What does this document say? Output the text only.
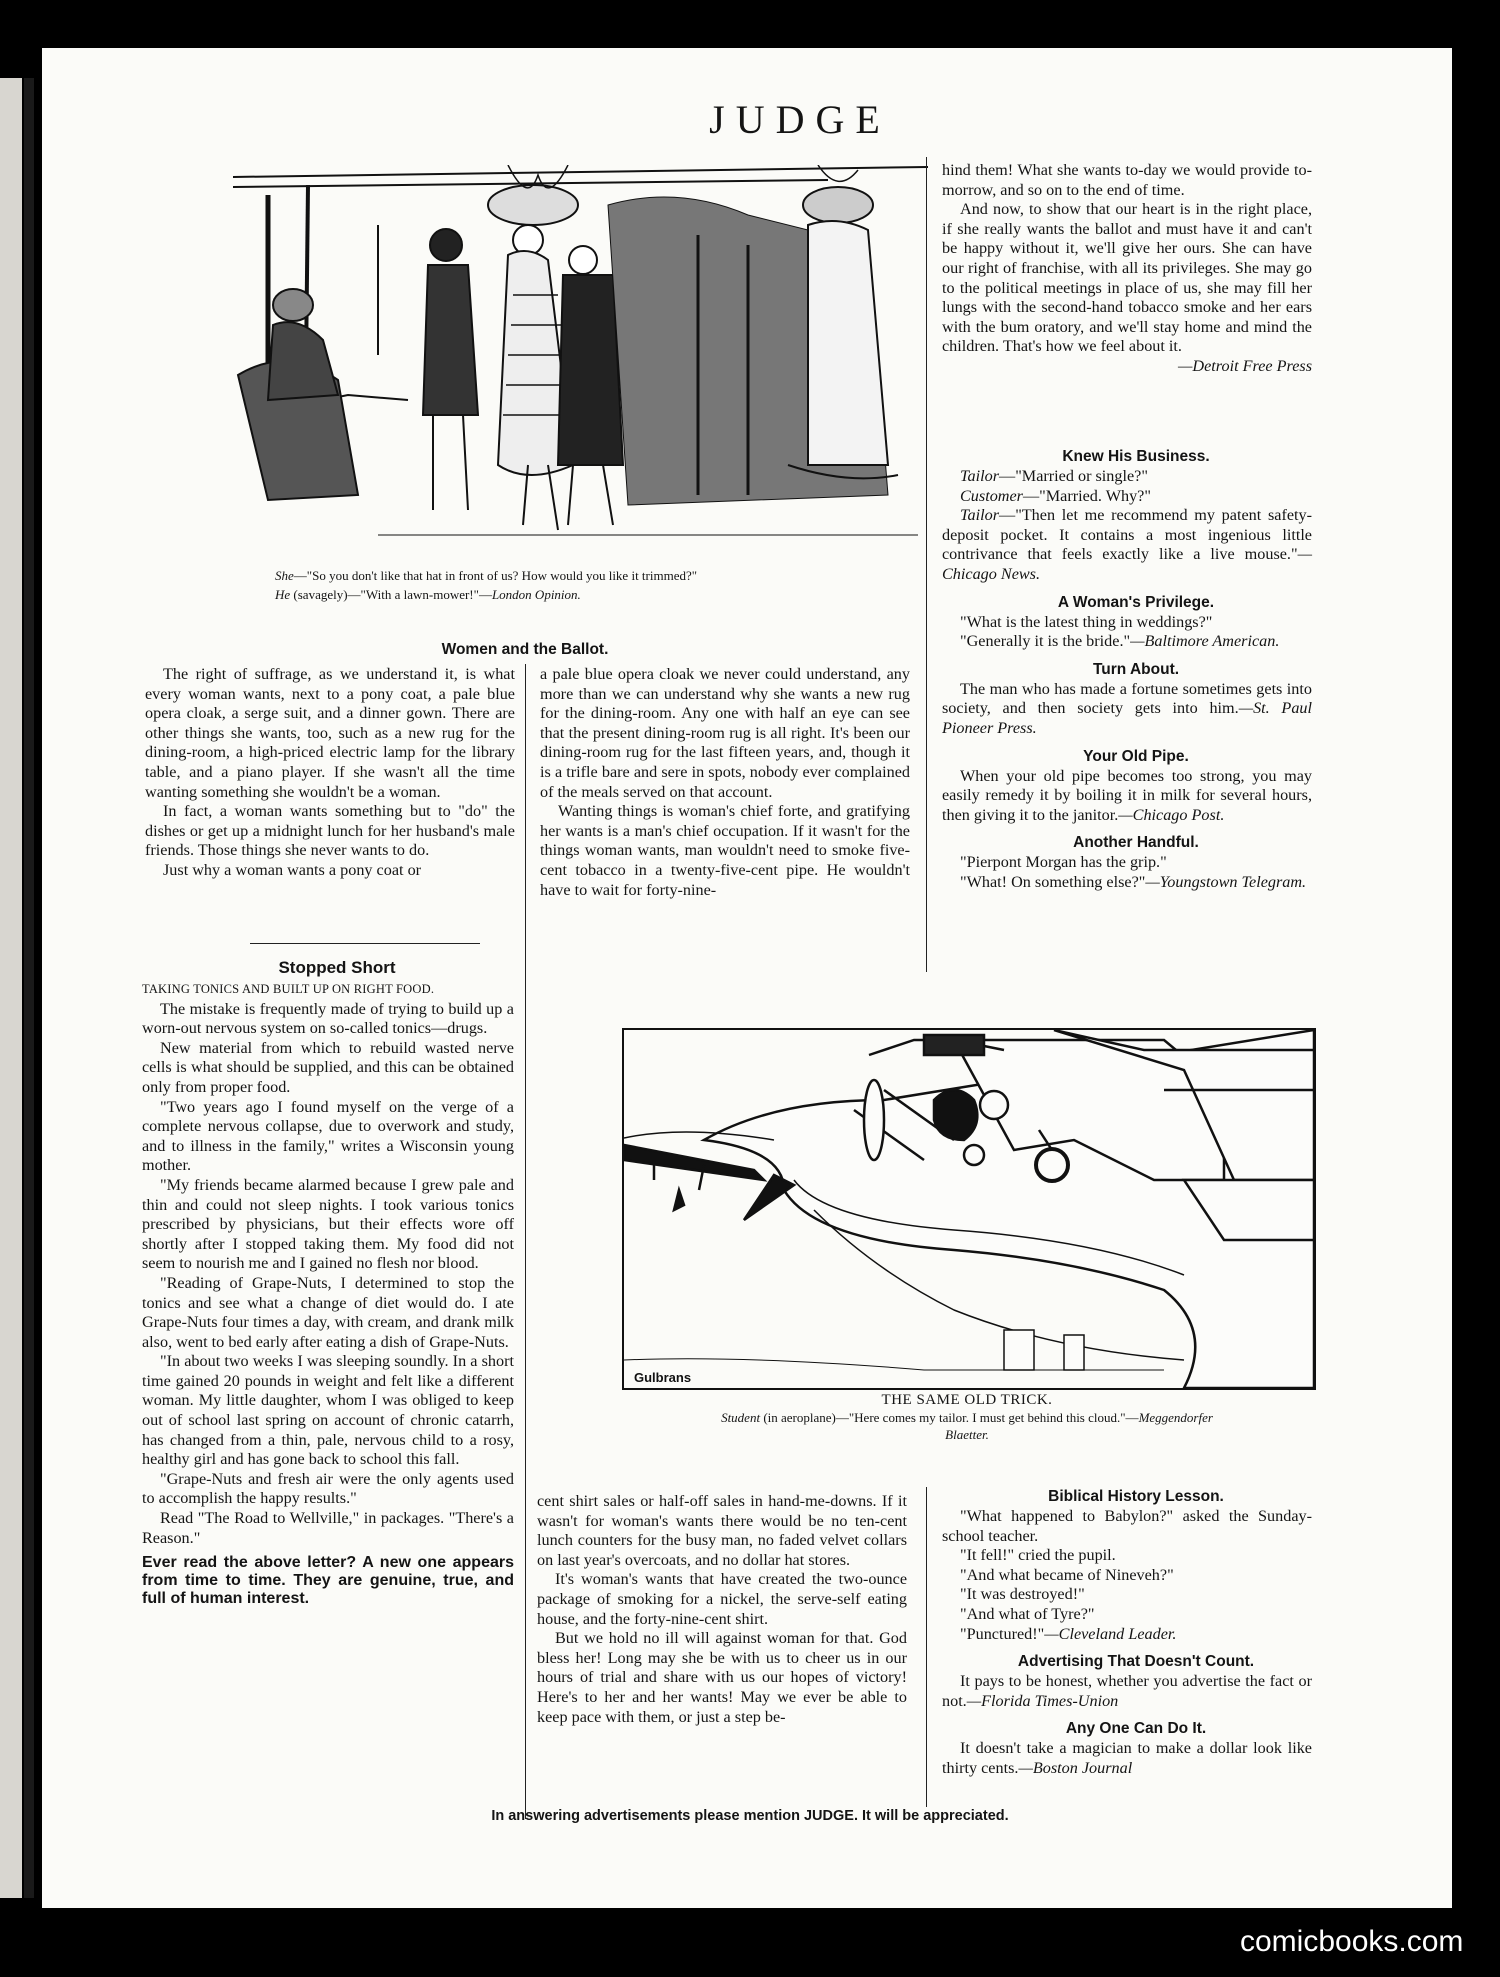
JUDGE
She—"So you don't like that hat in front of us? How would you like it trimmed?"
He (savagely)—"With a lawn-mower!"—London Opinion.
Women and the Ballot.

The right of suffrage, as we understand it, is what every woman wants, next to a pony coat, a pale blue opera cloak, a serge suit, and a dinner gown. There are other things she wants, too, such as a new rug for the dining-room, a high-priced electric lamp for the library table, and a piano player. If she wasn't all the time wanting something she wouldn't be a woman.

In fact, a woman wants something but to "do" the dishes or get up a midnight lunch for her husband's male friends. Those things she never wants to do.

Just why a woman wants a pony coat or

a pale blue opera cloak we never could understand, any more than we can understand why she wants a new rug for the dining-room. Any one with half an eye can see that the present dining-room rug is all right. It's been our dining-room rug for the last fifteen years, and, though it is a trifle bare and sere in spots, nobody ever complained of the meals served on that account.

Wanting things is woman's chief forte, and gratifying her wants is a man's chief occupation. If it wasn't for the things woman wants, man wouldn't need to smoke five-cent tobacco in a twenty-five-cent pipe. He wouldn't have to wait for forty-nine-

hind them! What she wants to-day we would provide to-morrow, and so on to the end of time.

And now, to show that our heart is in the right place, if she really wants the ballot and must have it and can't be happy without it, we'll give her ours. She can have our right of franchise, with all its privileges. She may go to the political meetings in place of us, she may fill her lungs with the second-hand tobacco smoke and her ears with the bum oratory, and we'll stay home and mind the children. That's how we feel about it.

—Detroit Free Press

Knew His Business.

Tailor—"Married or single?"

Customer—"Married. Why?"

Tailor—"Then let me recommend my patent safety-deposit pocket. It contains a most ingenious little contrivance that feels exactly like a live mouse."—Chicago News.

A Woman's Privilege.

"What is the latest thing in weddings?"

"Generally it is the bride."—Baltimore American.

Turn About.

The man who has made a fortune sometimes gets into society, and then society gets into him.—St. Paul Pioneer Press.

Your Old Pipe.

When your old pipe becomes too strong, you may easily remedy it by boiling it in milk for several hours, then giving it to the janitor.—Chicago Post.

Another Handful.

"Pierpont Morgan has the grip."

"What! On something else?"—Youngstown Telegram.

Stopped Short

TAKING TONICS AND BUILT UP ON RIGHT FOOD.

The mistake is frequently made of trying to build up a worn-out nervous system on so-called tonics—drugs.

New material from which to rebuild wasted nerve cells is what should be supplied, and this can be obtained only from proper food.

"Two years ago I found myself on the verge of a complete nervous collapse, due to overwork and study, and to illness in the family," writes a Wisconsin young mother.

"My friends became alarmed because I grew pale and thin and could not sleep nights. I took various tonics prescribed by physicians, but their effects wore off shortly after I stopped taking them. My food did not seem to nourish me and I gained no flesh nor blood.

"Reading of Grape-Nuts, I determined to stop the tonics and see what a change of diet would do. I ate Grape-Nuts four times a day, with cream, and drank milk also, went to bed early after eating a dish of Grape-Nuts.

"In about two weeks I was sleeping soundly. In a short time gained 20 pounds in weight and felt like a different woman. My little daughter, whom I was obliged to keep out of school last spring on account of chronic catarrh, has changed from a thin, pale, nervous child to a rosy, healthy girl and has gone back to school this fall.

"Grape-Nuts and fresh air were the only agents used to accomplish the happy results."

Read "The Road to Wellville," in packages. "There's a Reason."

Ever read the above letter? A new one appears from time to time. They are genuine, true, and full of human interest.

Gulbrans
THE SAME OLD TRICK.
Student (in aeroplane)—"Here comes my tailor. I must get behind this cloud."—Meggendorfer Blaetter.

cent shirt sales or half-off sales in hand-me-downs. If it wasn't for woman's wants there would be no ten-cent lunch counters for the busy man, no faded velvet collars on last year's overcoats, and no dollar hat stores.

It's woman's wants that have created the two-ounce package of smoking for a nickel, the serve-self eating house, and the forty-nine-cent shirt.

But we hold no ill will against woman for that. God bless her! Long may she be with us to cheer us in our hours of trial and share with us our hopes of victory! Here's to her and her wants! May we ever be able to keep pace with them, or just a step be-

Biblical History Lesson.

"What happened to Babylon?" asked the Sunday-school teacher.

"It fell!" cried the pupil.

"And what became of Nineveh?"

"It was destroyed!"

"And what of Tyre?"

"Punctured!"—Cleveland Leader.

Advertising That Doesn't Count.

It pays to be honest, whether you advertise the fact or not.—Florida Times-Union

Any One Can Do It.

It doesn't take a magician to make a dollar look like thirty cents.—Boston Journal

In answering advertisements please mention JUDGE. It will be appreciated.
comicbooks.com
